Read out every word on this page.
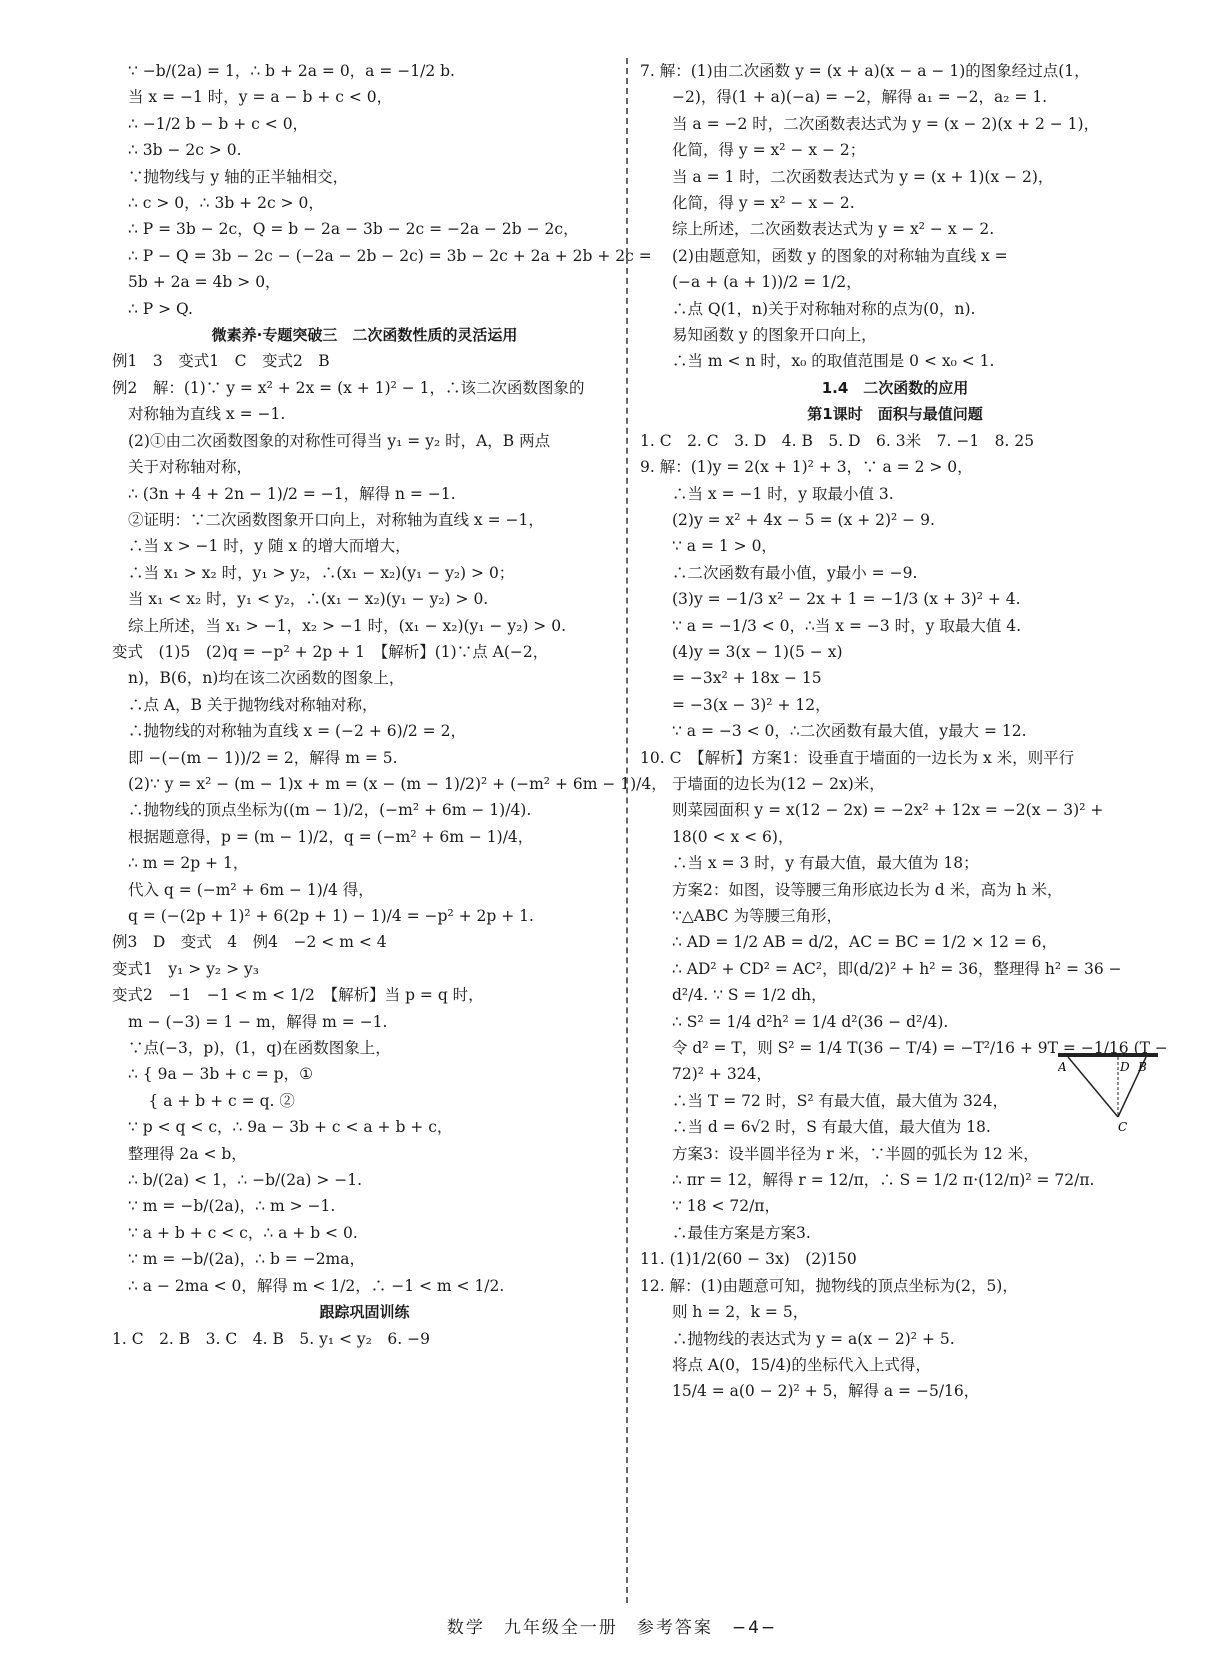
∵ −b/(2a) = 1，∴ b + 2a = 0，a = −1/2 b.
当 x = −1 时，y = a − b + c < 0，
∴ −1/2 b − b + c < 0，
∴ 3b − 2c > 0.
∵抛物线与 y 轴的正半轴相交，
∴ c > 0，∴ 3b + 2c > 0，
∴ P = 3b − 2c，Q = b − 2a − 3b − 2c = −2a − 2b − 2c，
∴ P − Q = 3b − 2c − (−2a − 2b − 2c) = 3b − 2c + 2a + 2b + 2c =
5b + 2a = 4b > 0，
∴ P > Q.
微素养·专题突破三　二次函数性质的灵活运用
例1　3　变式1　C　变式2　B
例2　解：(1)∵ y = x² + 2x = (x + 1)² − 1，∴该二次函数图象的
对称轴为直线 x = −1.
(2)①由二次函数图象的对称性可得当 y₁ = y₂ 时，A，B 两点
关于对称轴对称，
∴ (3n + 4 + 2n − 1)/2 = −1，解得 n = −1.
②证明：∵二次函数图象开口向上，对称轴为直线 x = −1，
∴当 x > −1 时，y 随 x 的增大而增大，
∴当 x₁ > x₂ 时，y₁ > y₂，∴(x₁ − x₂)(y₁ − y₂) > 0；
当 x₁ < x₂ 时，y₁ < y₂，∴(x₁ − x₂)(y₁ − y₂) > 0.
综上所述，当 x₁ > −1，x₂ > −1 时，(x₁ − x₂)(y₁ − y₂) > 0.
变式　(1)5　(2)q = −p² + 2p + 1　【解析】(1)∵点 A(−2，
n)，B(6，n)均在该二次函数的图象上，
∴点 A，B 关于抛物线对称轴对称，
∴抛物线的对称轴为直线 x = (−2 + 6)/2 = 2，
即 −(−(m − 1))/2 = 2，解得 m = 5.
(2)∵ y = x² − (m − 1)x + m = (x − (m − 1)/2)² + (−m² + 6m − 1)/4，
∴抛物线的顶点坐标为((m − 1)/2，(−m² + 6m − 1)/4).
根据题意得，p = (m − 1)/2，q = (−m² + 6m − 1)/4，
∴ m = 2p + 1，
代入 q = (−m² + 6m − 1)/4 得，
q = (−(2p + 1)² + 6(2p + 1) − 1)/4 = −p² + 2p + 1.
例3　D　变式　4　例4　−2 < m < 4
变式1　y₁ > y₂ > y₃
变式2　−1　−1 < m < 1/2　【解析】当 p = q 时，
m − (−3) = 1 − m，解得 m = −1.
∵点(−3，p)，(1，q)在函数图象上，
∴ { 9a − 3b + c = p，①
　 { a + b + c = q. ②
∵ p < q < c，∴ 9a − 3b + c < a + b + c，
整理得 2a < b，
∴ b/(2a) < 1，∴ −b/(2a) > −1.
∵ m = −b/(2a)，∴ m > −1.
∵ a + b + c < c，∴ a + b < 0.
∵ m = −b/(2a)，∴ b = −2ma，
∴ a − 2ma < 0，解得 m < 1/2，∴ −1 < m < 1/2.
跟踪巩固训练
1. C　2. B　3. C　4. B　5. y₁ < y₂　6. −9
7. 解：(1)由二次函数 y = (x + a)(x − a − 1)的图象经过点(1，
−2)，得(1 + a)(−a) = −2，解得 a₁ = −2，a₂ = 1.
当 a = −2 时，二次函数表达式为 y = (x − 2)(x + 2 − 1)，
化简，得 y = x² − x − 2；
当 a = 1 时，二次函数表达式为 y = (x + 1)(x − 2)，
化简，得 y = x² − x − 2.
综上所述，二次函数表达式为 y = x² − x − 2.
(2)由题意知，函数 y 的图象的对称轴为直线 x =
(−a + (a + 1))/2 = 1/2，
∴点 Q(1，n)关于对称轴对称的点为(0，n).
易知函数 y 的图象开口向上，
∴当 m < n 时，x₀ 的取值范围是 0 < x₀ < 1.
1.4　二次函数的应用
第1课时　面积与最值问题
1. C　2. C　3. D　4. B　5. D　6. 3米　7. −1　8. 25
9. 解：(1)y = 2(x + 1)² + 3，∵ a = 2 > 0，
∴当 x = −1 时，y 取最小值 3.
(2)y = x² + 4x − 5 = (x + 2)² − 9.
∵ a = 1 > 0，
∴二次函数有最小值，y最小 = −9.
(3)y = −1/3 x² − 2x + 1 = −1/3 (x + 3)² + 4.
∵ a = −1/3 < 0，∴当 x = −3 时，y 取最大值 4.
(4)y = 3(x − 1)(5 − x)
= −3x² + 18x − 15
= −3(x − 3)² + 12，
∵ a = −3 < 0，∴二次函数有最大值，y最大 = 12.
10. C　【解析】方案1：设垂直于墙面的一边长为 x 米，则平行
于墙面的边长为(12 − 2x)米，
则菜园面积 y = x(12 − 2x) = −2x² + 12x = −2(x − 3)² +
18(0 < x < 6)，
∴当 x = 3 时，y 有最大值，最大值为 18；
方案2：如图，设等腰三角形底边长为 d 米，高为 h 米，
∵△ABC 为等腰三角形，
∴ AD = 1/2 AB = d/2，AC = BC = 1/2 × 12 = 6，
∴ AD² + CD² = AC²，即(d/2)² + h² = 36，整理得 h² = 36 −
d²/4. ∵ S = 1/2 dh，
∴ S² = 1/4 d²h² = 1/4 d²(36 − d²/4).
令 d² = T，则 S² = 1/4 T(36 − T/4) = −T²/16 + 9T = −1/16 (T −
72)² + 324，
∴当 T = 72 时，S² 有最大值，最大值为 324，
∴当 d = 6√2 时，S 有最大值，最大值为 18.
方案3：设半圆半径为 r 米，∵半圆的弧长为 12 米，
∴ πr = 12，解得 r = 12/π，∴ S = 1/2 π·(12/π)² = 72/π.
∵ 18 < 72/π，
∴最佳方案是方案3.
11. (1)1/2(60 − 3x)　(2)150
12. 解：(1)由题意可知，抛物线的顶点坐标为(2，5)，
则 h = 2，k = 5，
∴抛物线的表达式为 y = a(x − 2)² + 5.
将点 A(0，15/4)的坐标代入上式得，
15/4 = a(0 − 2)² + 5，解得 a = −5/16，
A	D B
C
数学　九年级全一册　参考答案　−4−
